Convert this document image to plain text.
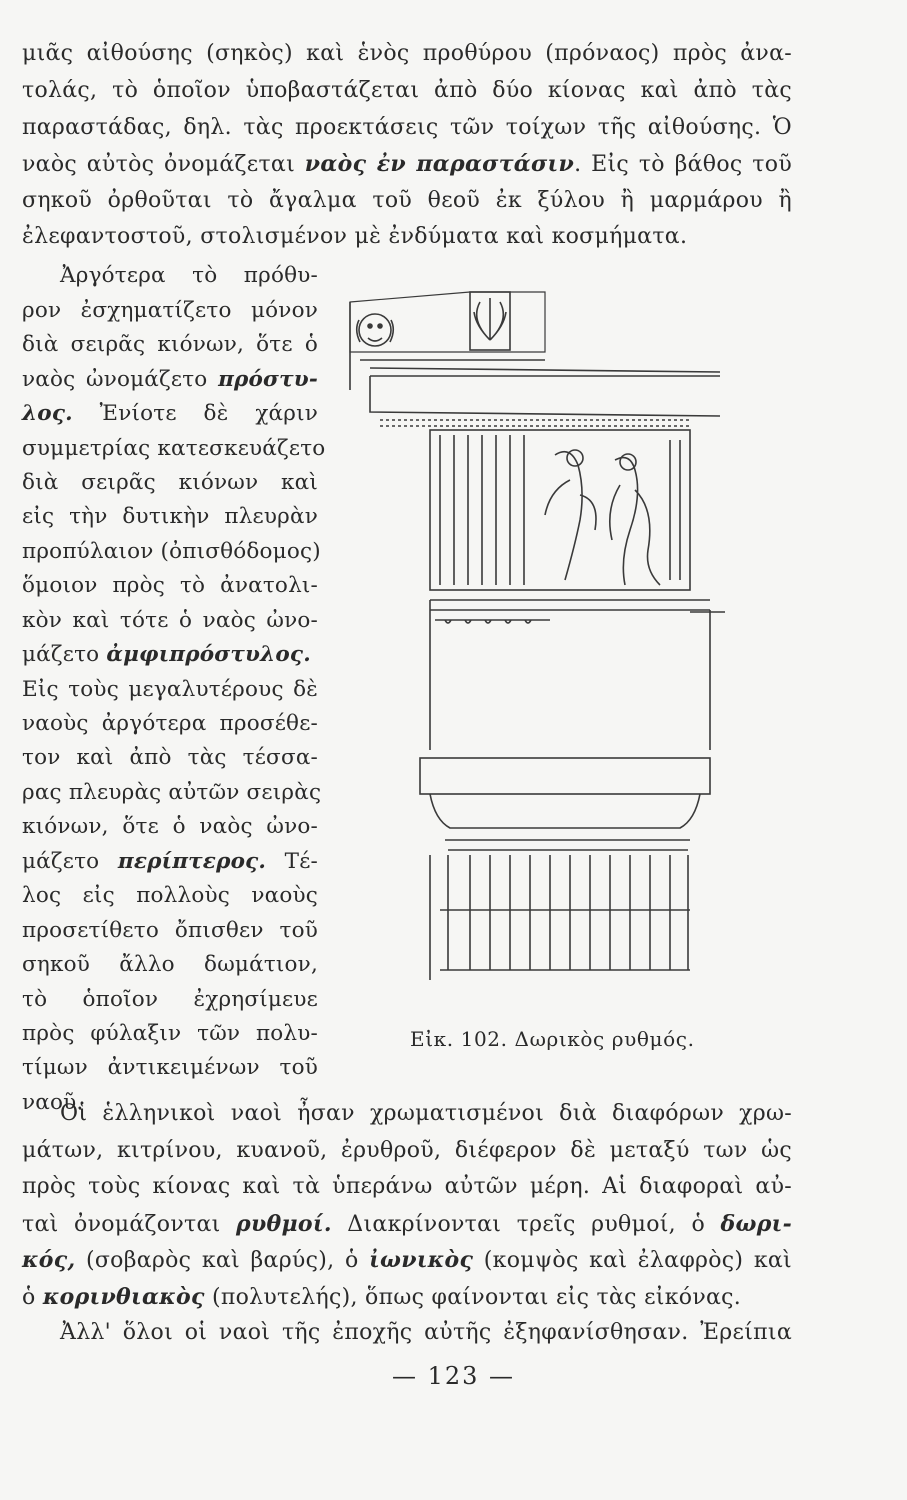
μιᾶς αἰθούσης (σηκὸς) καὶ ἑνὸς προθύρου (πρόναος) πρὸς ἀνα-
τολάς, τὸ ὁποῖον ὑποβαστάζεται ἀπὸ δύο κίονας καὶ ἀπὸ τὰς
παραστάδας, δηλ. τὰς προεκτάσεις τῶν τοίχων τῆς αἰθούσης. Ὁ
ναὸς αὐτὸς ὀνομάζεται ναὸς ἐν παραστάσιν. Εἰς τὸ βάθος τοῦ
σηκοῦ ὀρθοῦται τὸ ἄγαλμα τοῦ θεοῦ ἐκ ξύλου ἢ μαρμάρου ἢ
ἐλεφαντοστοῦ, στολισμένον μὲ ἐνδύματα καὶ κοσμήματα.
Ἀργότερα τὸ πρόθυ-
ρον ἐσχηματίζετο μόνον
διὰ σειρᾶς κιόνων, ὅτε ὁ
ναὸς ὠνομάζετο πρόστυ-
λος. Ἐνίοτε δὲ χάριν
συμμετρίας κατεσκευάζετο
διὰ σειρᾶς κιόνων καὶ
εἰς τὴν δυτικὴν πλευρὰν
προπύλαιον (ὀπισθόδομος)
ὅμοιον πρὸς τὸ ἀνατολι-
κὸν καὶ τότε ὁ ναὸς ὠνο-
μάζετο ἀμφιπρόστυλος.
Εἰς τοὺς μεγαλυτέρους δὲ
ναοὺς ἀργότερα προσέθε-
τον καὶ ἀπὸ τὰς τέσσα-
ρας πλευρὰς αὐτῶν σειρὰς
κιόνων, ὅτε ὁ ναὸς ὠνο-
μάζετο περίπτερος. Τέ-
λος εἰς πολλοὺς ναοὺς
προσετίθετο ὄπισθεν τοῦ
σηκοῦ ἄλλο δωμάτιον,
τὸ ὁποῖον ἐχρησίμευε
πρὸς φύλαξιν τῶν πολυ-
τίμων ἀντικειμένων τοῦ
ναοῦ.
Εἰκ. 102. Δωρικὸς ρυθμός.
Οἱ ἑλληνικοὶ ναοὶ ἦσαν χρωματισμένοι διὰ διαφόρων χρω-
μάτων, κιτρίνου, κυανοῦ, ἐρυθροῦ, διέφερον δὲ μεταξύ των ὡς
πρὸς τοὺς κίονας καὶ τὰ ὑπεράνω αὐτῶν μέρη. Αἱ διαφοραὶ αὐ-
ταὶ ὀνομάζονται ρυθμοί. Διακρίνονται τρεῖς ρυθμοί, ὁ δωρι-
κός, (σοβαρὸς καὶ βαρύς), ὁ ἰωνικὸς (κομψὸς καὶ ἐλαφρὸς) καὶ
ὁ κορινθιακὸς (πολυτελής), ὅπως φαίνονται εἰς τὰς εἰκόνας.
Ἀλλ' ὅλοι οἱ ναοὶ τῆς ἐποχῆς αὐτῆς ἐξηφανίσθησαν. Ἐρείπια
— 123 —
